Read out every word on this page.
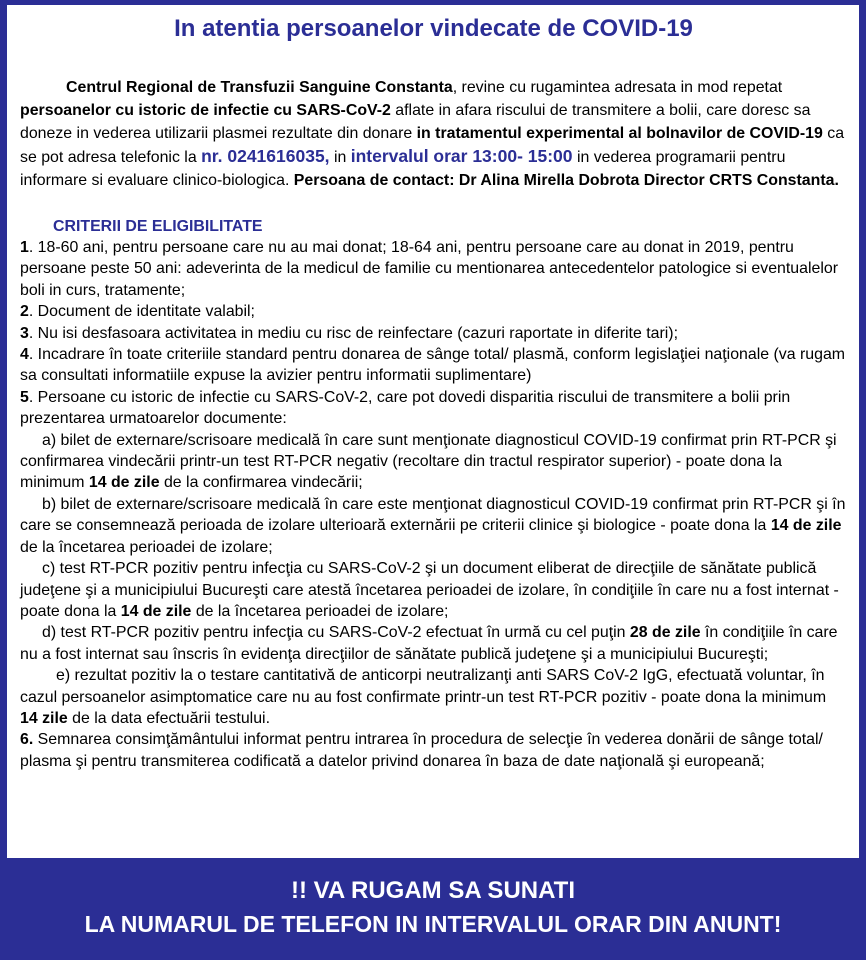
In atentia persoanelor vindecate de COVID-19

Centrul Regional de Transfuzii Sanguine Constanta, revine cu rugamintea adresata in mod repetat persoanelor cu istoric de infectie cu SARS-CoV-2 aflate in afara riscului de transmitere a bolii, care doresc sa doneze in vederea utilizarii plasmei rezultate din donare in tratamentul experimental al bolnavilor de COVID-19 ca se pot adresa telefonic la nr. 0241616035, in intervalul orar 13:00- 15:00 in vederea programarii pentru informare si evaluare clinico-biologica. Persoana de contact: Dr Alina Mirella Dobrota Director CRTS Constanta.

CRITERII DE ELIGIBILITATE

1. 18-60 ani, pentru persoane care nu au mai donat; 18-64 ani, pentru persoane care au donat in 2019, pentru persoane peste 50 ani: adeverinta de la medicul de familie cu mentionarea antecedentelor patologice si eventualelor boli in curs, tratamente;

2. Document de identitate valabil;

3. Nu isi desfasoara activitatea in mediu cu risc de reinfectare (cazuri raportate in diferite tari);

4. Incadrare în toate criteriile standard pentru donarea de sânge total/ plasmă, conform legislaţiei naţionale (va rugam sa consultati informatiile expuse la avizier pentru informatii suplimentare)

5. Persoane cu istoric de infectie cu SARS-CoV-2, care pot dovedi disparitia riscului de transmitere a bolii prin prezentarea urmatoarelor documente:

a) bilet de externare/scrisoare medicală în care sunt menţionate diagnosticul COVID-19 confirmat prin RT-PCR şi confirmarea vindecării printr-un test RT-PCR negativ (recoltare din tractul respirator superior) - poate dona la minimum 14 de zile de la confirmarea vindecării;

b) bilet de externare/scrisoare medicală în care este menţionat diagnosticul COVID-19 confirmat prin RT-PCR şi în care se consemnează perioada de izolare ulterioară externării pe criterii clinice şi biologice - poate dona la 14 de zile de la încetarea perioadei de izolare;

c) test RT-PCR pozitiv pentru infecţia cu SARS-CoV-2 şi un document eliberat de direcţiile de sănătate publică judeţene şi a municipiului Bucureşti care atestă încetarea perioadei de izolare, în condiţiile în care nu a fost internat - poate dona la 14 de zile de la încetarea perioadei de izolare;

d) test RT-PCR pozitiv pentru infecţia cu SARS-CoV-2 efectuat în urmă cu cel puţin 28 de zile în condiţiile în care nu a fost internat sau înscris în evidenţa direcţiilor de sănătate publică judeţene şi a municipiului Bucureşti;

e) rezultat pozitiv la o testare cantitativă de anticorpi neutralizanţi anti SARS CoV-2 IgG, efectuată voluntar, în cazul persoanelor asimptomatice care nu au fost confirmate printr-un test RT-PCR pozitiv - poate dona la minimum 14 zile de la data efectuării testului.

6. Semnarea consimţământului informat pentru intrarea în procedura de selecţie în vederea donării de sânge total/ plasma şi pentru transmiterea codificată a datelor privind donarea în baza de date naţională şi europeană;

!! VA RUGAM SA SUNATI
LA NUMARUL DE TELEFON IN INTERVALUL ORAR DIN ANUNT!
